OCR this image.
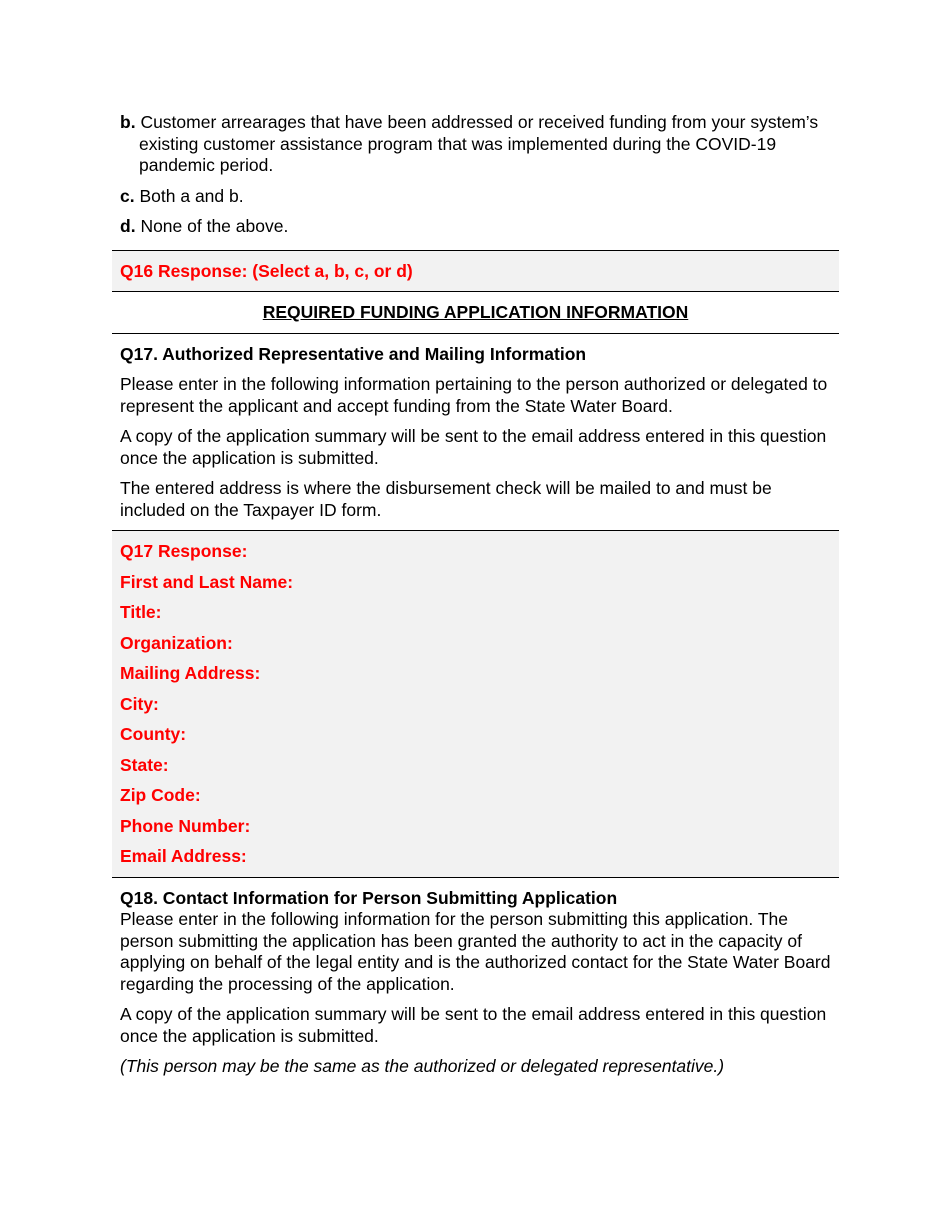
b. Customer arrearages that have been addressed or received funding from your system’s existing customer assistance program that was implemented during the COVID-19 pandemic period.
c. Both a and b.
d. None of the above.
Q16 Response: (Select a, b, c, or d)
REQUIRED FUNDING APPLICATION INFORMATION

Q17. Authorized Representative and Mailing Information

Please enter in the following information pertaining to the person authorized or delegated to represent the applicant and accept funding from the State Water Board.

A copy of the application summary will be sent to the email address entered in this question once the application is submitted.

The entered address is where the disbursement check will be mailed to and must be included on the Taxpayer ID form.

Q17 Response:
First and Last Name:
Title:
Organization:
Mailing Address:
City:
County:
State:
Zip Code:
Phone Number:
Email Address:

Q18. Contact Information for Person Submitting Application

Please enter in the following information for the person submitting this application. The person submitting the application has been granted the authority to act in the capacity of applying on behalf of the legal entity and is the authorized contact for the State Water Board regarding the processing of the application.

A copy of the application summary will be sent to the email address entered in this question once the application is submitted.

(This person may be the same as the authorized or delegated representative.)
